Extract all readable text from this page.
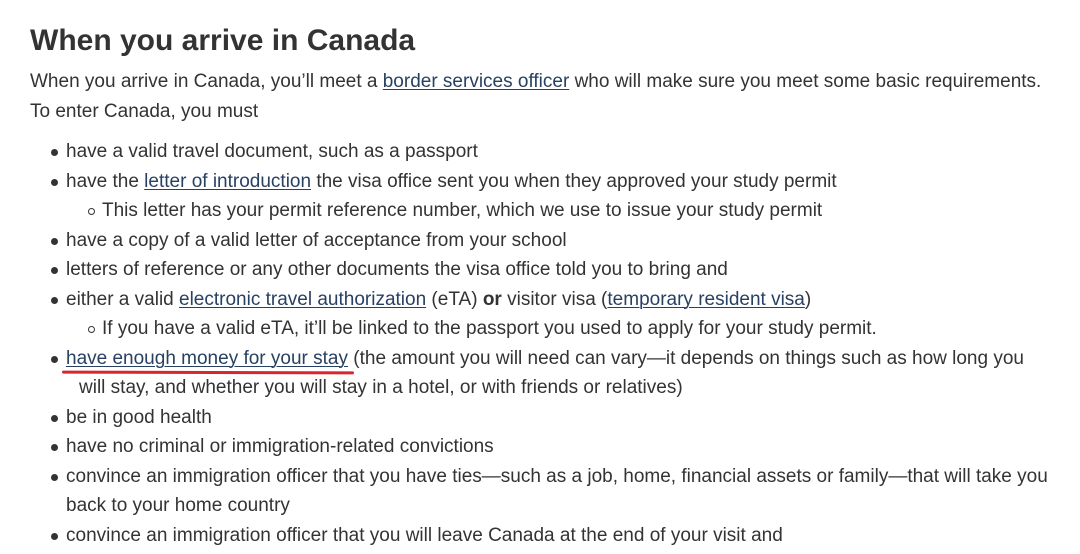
When you arrive in Canada

When you arrive in Canada, you’ll meet a border services officer who will make sure you meet some basic requirements.
To enter Canada, you must

have a valid travel document, such as a passport
have the letter of introduction the visa office sent you when they approved your study permit
This letter has your permit reference number, which we use to issue your study permit
have a copy of a valid letter of acceptance from your school
letters of reference or any other documents the visa office told you to bring and
either a valid electronic travel authorization (eTA) or visitor visa (temporary resident visa)
If you have a valid eTA, it’ll be linked to the passport you used to apply for your study permit.
have enough money for your stay (the amount you will need can vary—it depends on things such as how long you
will stay, and whether you will stay in a hotel, or with friends or relatives)
be in good health
have no criminal or immigration-related convictions
convince an immigration officer that you have ties—such as a job, home, financial assets or family—that will take you
back to your home country
convince an immigration officer that you will leave Canada at the end of your visit and
